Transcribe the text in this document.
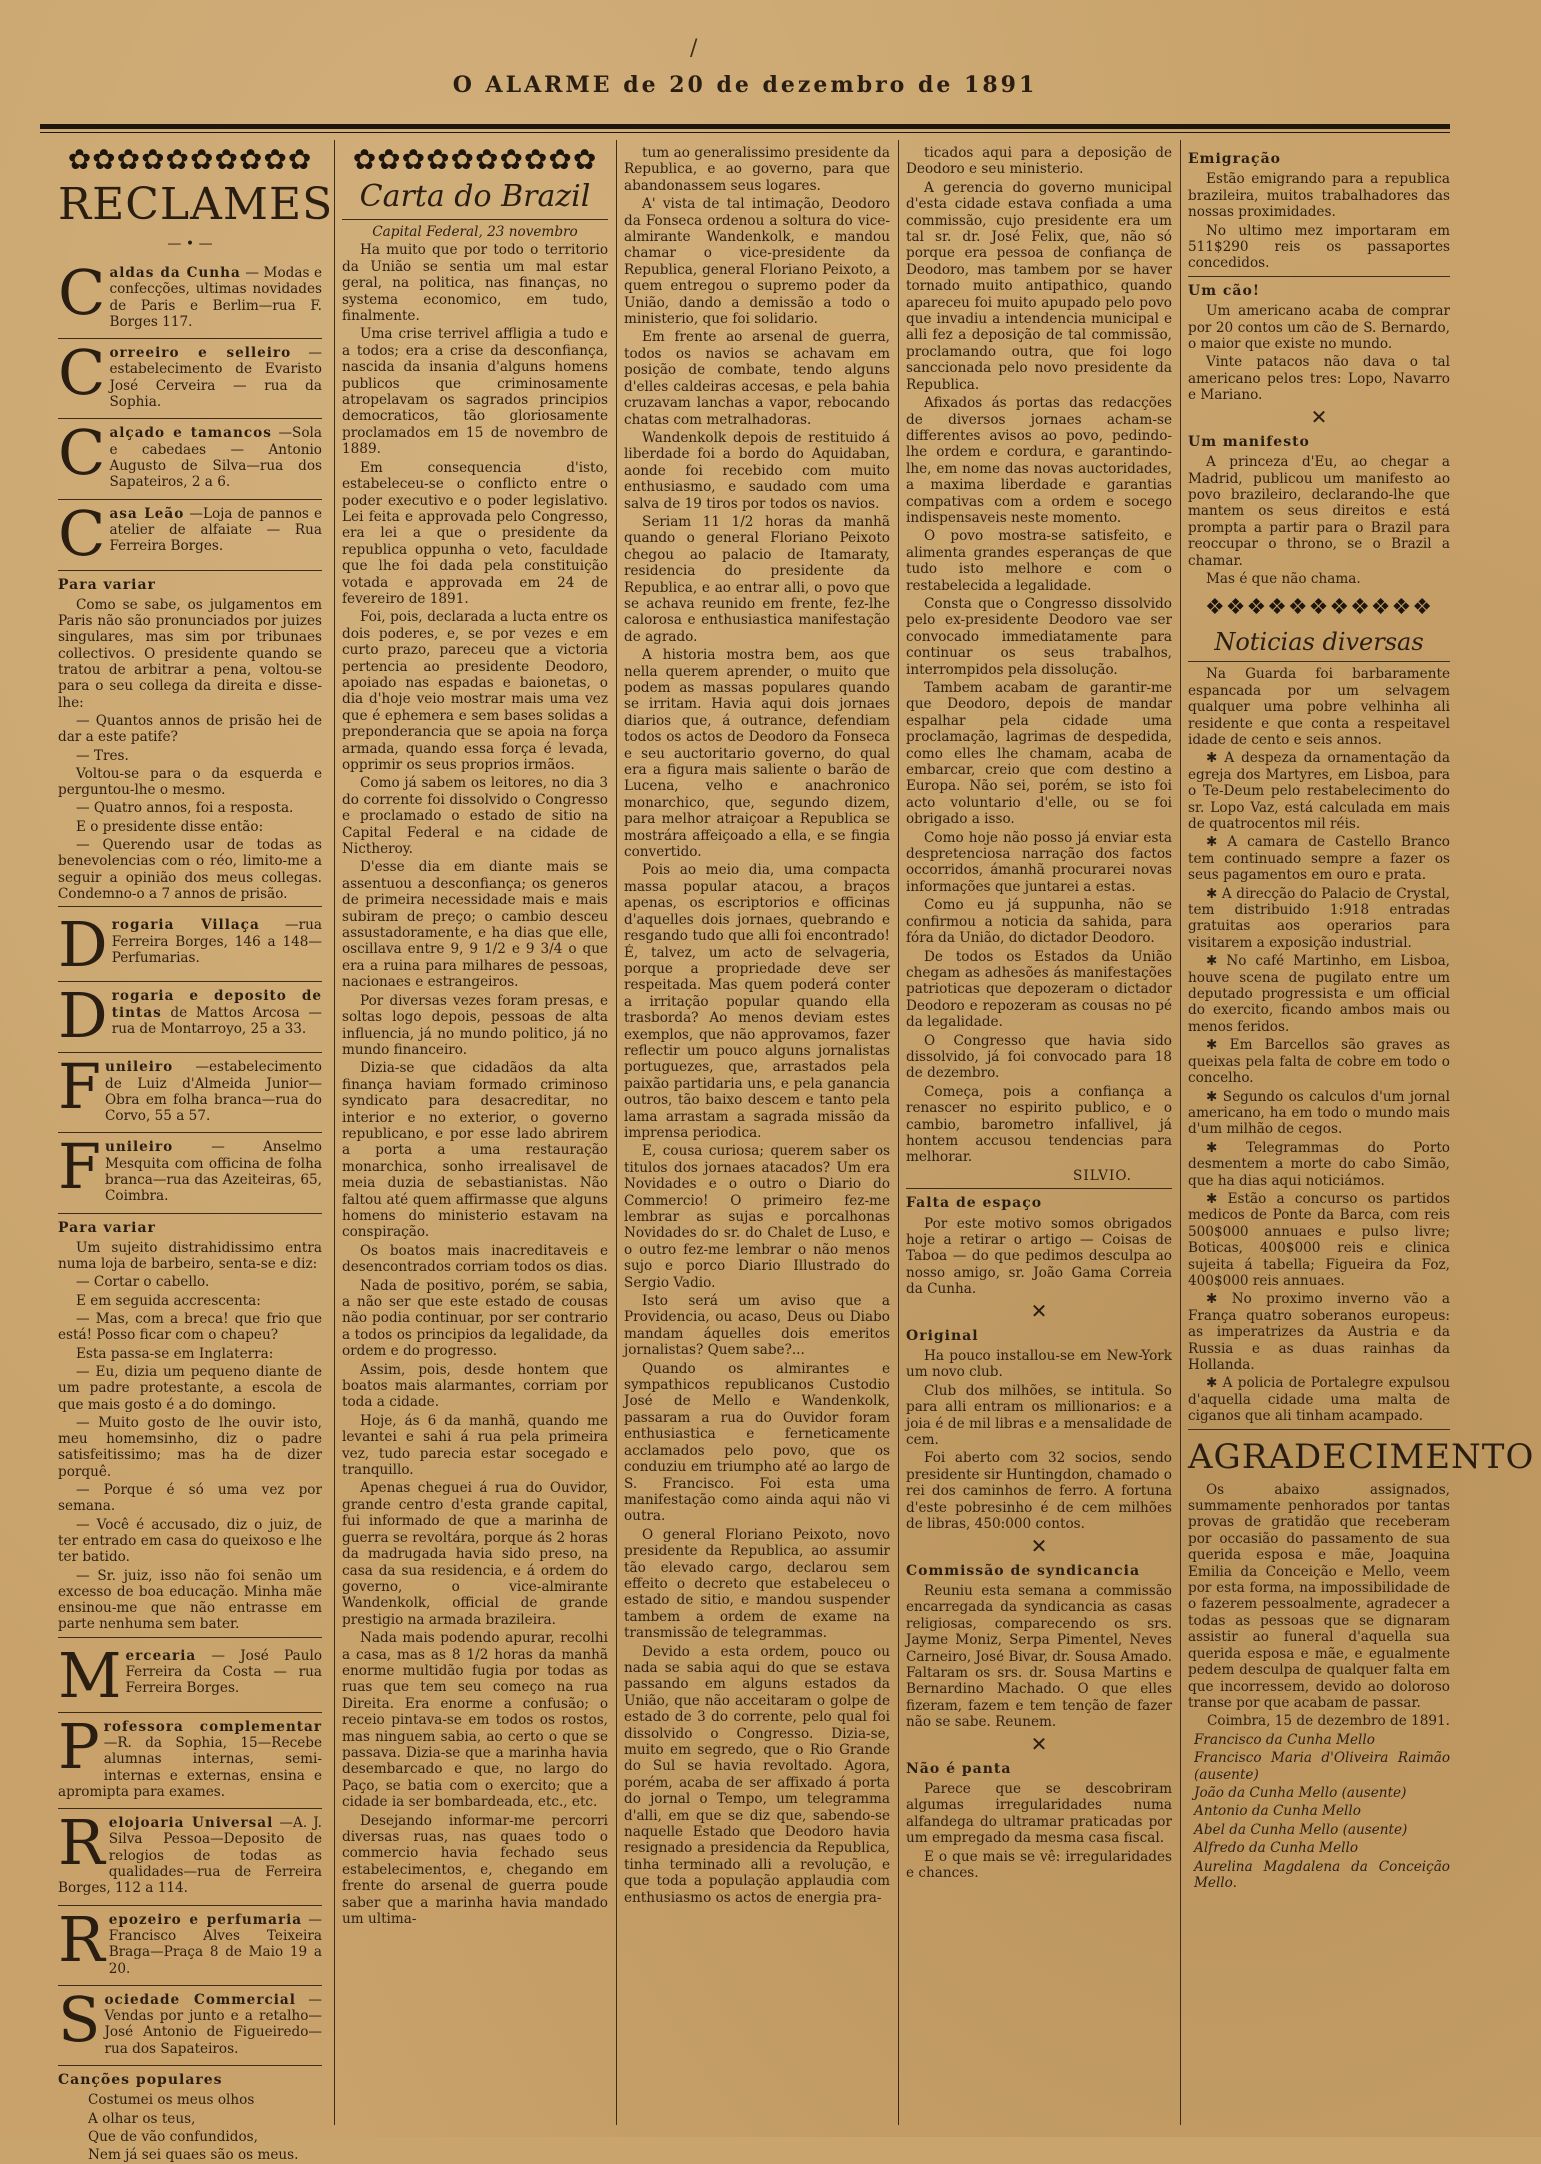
/
O ALARME de 20 de dezembro de 1891
✿✿✿✿✿✿✿✿✿✿
RECLAMES
— • —
Caldas da Cunha — Modas e confecções, ultimas novidades de Paris e Berlim—rua F. Borges 117.
Correeiro e selleiro — estabelecimento de Evaristo José Cerveira — rua da Sophia.
Calçado e tamancos —Sola e cabedaes — Antonio Augusto de Silva—rua dos Sapateiros, 2 a 6.
Casa Leão —Loja de pannos e atelier de alfaiate — Rua Ferreira Borges.
Para variar

Como se sabe, os julgamentos em Paris não são pronunciados por juizes singulares, mas sim por tribunaes collectivos. O presidente quando se tratou de arbitrar a pena, voltou-se para o seu collega da direita e disse-lhe:

— Quantos annos de prisão hei de dar a este patife?

— Tres.

Voltou-se para o da esquerda e perguntou-lhe o mesmo.

— Quatro annos, foi a resposta.

E o presidente disse então:

— Querendo usar de todas as benevolencias com o réo, limito-me a seguir a opinião dos meus collegas. Condemno-o a 7 annos de prisão.

Drogaria Villaça —rua Ferreira Borges, 146 a 148—Perfumarias.
Drogaria e deposito de tintas de Mattos Arcosa —rua de Montarroyo, 25 a 33.
Funileiro —estabelecimento de Luiz d'Almeida Junior—Obra em folha branca—rua do Corvo, 55 a 57.
Funileiro — Anselmo Mesquita com officina de folha branca—rua das Azeiteiras, 65, Coimbra.
Para variar

Um sujeito distrahidissimo entra numa loja de barbeiro, senta-se e diz:

— Cortar o cabello.

E em seguida accrescenta:

— Mas, com a breca! que frio que está! Posso ficar com o chapeu?

Esta passa-se em Inglaterra:

— Eu, dizia um pequeno diante de um padre protestante, a escola de que mais gosto é a do domingo.

— Muito gosto de lhe ouvir isto, meu homemsinho, diz o padre satisfeitissimo; mas ha de dizer porquê.

— Porque é só uma vez por semana.

— Você é accusado, diz o juiz, de ter entrado em casa do queixoso e lhe ter batido.

— Sr. juiz, isso não foi senão um excesso de boa educação. Minha mãe ensinou-me que não entrasse em parte nenhuma sem bater.

Mercearia — José Paulo Ferreira da Costa — rua Ferreira Borges.
Professora complementar —R. da Sophia, 15—Recebe alumnas internas, semi-internas e externas, ensina e apromipta para exames.
Relojoaria Universal —A. J. Silva Pessoa—Deposito de relogios de todas as qualidades—rua de Ferreira Borges, 112 a 114.
Repozeiro e perfumaria —Francisco Alves Teixeira Braga—Praça 8 de Maio 19 a 20.
Sociedade Commercial —Vendas por junto e a retalho—José Antonio de Figueiredo—rua dos Sapateiros.
Canções populares

Costumei os meus olhos

A olhar os teus,

Que de vão confundidos,

Nem já sei quaes são os meus.

✿✿✿✿✿✿✿✿✿✿
Carta do Brazil

Capital Federal, 23 novembro

Ha muito que por todo o territorio da União se sentia um mal estar geral, na politica, nas finanças, no systema economico, em tudo, finalmente.

Uma crise terrivel affligia a tudo e a todos; era a crise da desconfiança, nascida da insania d'alguns homens publicos que criminosamente atropelavam os sagrados principios democraticos, tão gloriosamente proclamados em 15 de novembro de 1889.

Em consequencia d'isto, estabeleceu-se o conflicto entre o poder executivo e o poder legislativo. Lei feita e approvada pelo Congresso, era lei a que o presidente da republica oppunha o veto, faculdade que lhe foi dada pela constituição votada e approvada em 24 de fevereiro de 1891.

Foi, pois, declarada a lucta entre os dois poderes, e, se por vezes e em curto prazo, pareceu que a victoria pertencia ao presidente Deodoro, apoiado nas espadas e baionetas, o dia d'hoje veio mostrar mais uma vez que é ephemera e sem bases solidas a preponderancia que se apoia na força armada, quando essa força é levada, opprimir os seus proprios irmãos.

Como já sabem os leitores, no dia 3 do corrente foi dissolvido o Congresso e proclamado o estado de sitio na Capital Federal e na cidade de Nictheroy.

D'esse dia em diante mais se assentuou a desconfiança; os generos de primeira necessidade mais e mais subiram de preço; o cambio desceu assustadoramente, e ha dias que elle, oscillava entre 9, 9 1/2 e 9 3/4 o que era a ruina para milhares de pessoas, nacionaes e estrangeiros.

Por diversas vezes foram presas, e soltas logo depois, pessoas de alta influencia, já no mundo politico, já no mundo financeiro.

Dizia-se que cidadãos da alta finança haviam formado criminoso syndicato para desacreditar, no interior e no exterior, o governo republicano, e por esse lado abrirem a porta a uma restauração monarchica, sonho irrealisavel de meia duzia de sebastianistas. Não faltou até quem affirmasse que alguns homens do ministerio estavam na conspiração.

Os boatos mais inacreditaveis e desencontrados corriam todos os dias.

Nada de positivo, porém, se sabia, a não ser que este estado de cousas não podia continuar, por ser contrario a todos os principios da legalidade, da ordem e do progresso.

Assim, pois, desde hontem que boatos mais alarmantes, corriam por toda a cidade.

Hoje, ás 6 da manhã, quando me levantei e sahi á rua pela primeira vez, tudo parecia estar socegado e tranquillo.

Apenas cheguei á rua do Ouvidor, grande centro d'esta grande capital, fui informado de que a marinha de guerra se revoltára, porque ás 2 horas da madrugada havia sido preso, na casa da sua residencia, e á ordem do governo, o vice-almirante Wandenkolk, official de grande prestigio na armada brazileira.

Nada mais podendo apurar, recolhi a casa, mas as 8 1/2 horas da manhã enorme multidão fugia por todas as ruas que tem seu começo na rua Direita. Era enorme a confusão; o receio pintava-se em todos os rostos, mas ninguem sabia, ao certo o que se passava. Dizia-se que a marinha havia desembarcado e que, no largo do Paço, se batia com o exercito; que a cidade ia ser bombardeada, etc., etc.

Desejando informar-me percorri diversas ruas, nas quaes todo o commercio havia fechado seus estabelecimentos, e, chegando em frente do arsenal de guerra poude saber que a marinha havia mandado um ultima-

tum ao generalissimo presidente da Republica, e ao governo, para que abandonassem seus logares.

A' vista de tal intimação, Deodoro da Fonseca ordenou a soltura do vice-almirante Wandenkolk, e mandou chamar o vice-presidente da Republica, general Floriano Peixoto, a quem entregou o supremo poder da União, dando a demissão a todo o ministerio, que foi solidario.

Em frente ao arsenal de guerra, todos os navios se achavam em posição de combate, tendo alguns d'elles caldeiras accesas, e pela bahia cruzavam lanchas a vapor, rebocando chatas com metralhadoras.

Wandenkolk depois de restituido á liberdade foi a bordo do Aquidaban, aonde foi recebido com muito enthusiasmo, e saudado com uma salva de 19 tiros por todos os navios.

Seriam 11 1/2 horas da manhã quando o general Floriano Peixoto chegou ao palacio de Itamaraty, residencia do presidente da Republica, e ao entrar alli, o povo que se achava reunido em frente, fez-lhe calorosa e enthusiastica manifestação de agrado.

A historia mostra bem, aos que nella querem aprender, o muito que podem as massas populares quando se irritam. Havia aqui dois jornaes diarios que, á outrance, defendiam todos os actos de Deodoro da Fonseca e seu auctoritario governo, do qual era a figura mais saliente o barão de Lucena, velho e anachronico monarchico, que, segundo dizem, para melhor atraiçoar a Republica se mostrára affeiçoado a ella, e se fingia convertido.

Pois ao meio dia, uma compacta massa popular atacou, a braços apenas, os escriptorios e officinas d'aquelles dois jornaes, quebrando e resgando tudo que alli foi encontrado! É, talvez, um acto de selvageria, porque a propriedade deve ser respeitada. Mas quem poderá conter a irritação popular quando ella trasborda? Ao menos deviam estes exemplos, que não approvamos, fazer reflectir um pouco alguns jornalistas portuguezes, que, arrastados pela paixão partidaria uns, e pela ganancia outros, tão baixo descem e tanto pela lama arrastam a sagrada missão da imprensa periodica.

E, cousa curiosa; querem saber os titulos dos jornaes atacados? Um era Novidades e o outro o Diario do Commercio! O primeiro fez-me lembrar as sujas e porcalhonas Novidades do sr. do Chalet de Luso, e o outro fez-me lembrar o não menos sujo e porco Diario Illustrado do Sergio Vadio.

Isto será um aviso que a Providencia, ou acaso, Deus ou Diabo mandam áquelles dois emeritos jornalistas? Quem sabe?...

Quando os almirantes e sympathicos republicanos Custodio José de Mello e Wandenkolk, passaram a rua do Ouvidor foram enthusiastica e ferneticamente acclamados pelo povo, que os conduziu em triumpho até ao largo de S. Francisco. Foi esta uma manifestação como ainda aqui não vi outra.

O general Floriano Peixoto, novo presidente da Republica, ao assumir tão elevado cargo, declarou sem effeito o decreto que estabeleceu o estado de sitio, e mandou suspender tambem a ordem de exame na transmissão de telegrammas.

Devido a esta ordem, pouco ou nada se sabia aqui do que se estava passando em alguns estados da União, que não acceitaram o golpe de estado de 3 do corrente, pelo qual foi dissolvido o Congresso. Dizia-se, muito em segredo, que o Rio Grande do Sul se havia revoltado. Agora, porém, acaba de ser affixado á porta do jornal o Tempo, um telegramma d'alli, em que se diz que, sabendo-se naquelle Estado que Deodoro havia resignado a presidencia da Republica, tinha terminado alli a revolução, e que toda a população applaudia com enthusiasmo os actos de energia pra-

ticados aqui para a deposição de Deodoro e seu ministerio.

A gerencia do governo municipal d'esta cidade estava confiada a uma commissão, cujo presidente era um tal sr. dr. José Felix, que, não só porque era pessoa de confiança de Deodoro, mas tambem por se haver tornado muito antipathico, quando apareceu foi muito apupado pelo povo que invadiu a intendencia municipal e alli fez a deposição de tal commissão, proclamando outra, que foi logo sanccionada pelo novo presidente da Republica.

Afixados ás portas das redacções de diversos jornaes acham-se differentes avisos ao povo, pedindo-lhe ordem e cordura, e garantindo-lhe, em nome das novas auctoridades, a maxima liberdade e garantias compativas com a ordem e socego indispensaveis neste momento.

O povo mostra-se satisfeito, e alimenta grandes esperanças de que tudo isto melhore e com o restabelecida a legalidade.

Consta que o Congresso dissolvido pelo ex-presidente Deodoro vae ser convocado immediatamente para continuar os seus trabalhos, interrompidos pela dissolução.

Tambem acabam de garantir-me que Deodoro, depois de mandar espalhar pela cidade uma proclamação, lagrimas de despedida, como elles lhe chamam, acaba de embarcar, creio que com destino a Europa. Não sei, porém, se isto foi acto voluntario d'elle, ou se foi obrigado a isso.

Como hoje não posso já enviar esta despretenciosa narração dos factos occorridos, ámanhã procurarei novas informações que juntarei a estas.

Como eu já suppunha, não se confirmou a noticia da sahida, para fóra da União, do dictador Deodoro.

De todos os Estados da União chegam as adhesões ás manifestações patrioticas que depozeram o dictador Deodoro e repozeram as cousas no pé da legalidade.

O Congresso que havia sido dissolvido, já foi convocado para 18 de dezembro.

Começa, pois a confiança a renascer no espirito publico, e o cambio, barometro infallivel, já hontem accusou tendencias para melhorar.

SILVIO.

Falta de espaço

Por este motivo somos obrigados hoje a retirar o artigo — Coisas de Taboa — do que pedimos desculpa ao nosso amigo, sr. João Gama Correia da Cunha.

✕
Original

Ha pouco installou-se em New-York um novo club.

Club dos milhões, se intitula. So para alli entram os millionarios: e a joia é de mil libras e a mensalidade de cem.

Foi aberto com 32 socios, sendo presidente sir Huntingdon, chamado o rei dos caminhos de ferro. A fortuna d'este pobresinho é de cem milhões de libras, 450:000 contos.

✕
Commissão de syndicancia

Reuniu esta semana a commissão encarregada da syndicancia as casas religiosas, comparecendo os srs. Jayme Moniz, Serpa Pimentel, Neves Carneiro, José Bivar, dr. Sousa Amado. Faltaram os srs. dr. Sousa Martins e Bernardino Machado. O que elles fizeram, fazem e tem tenção de fazer não se sabe. Reunem.

✕
Não é panta

Parece que se descobriram algumas irregularidades numa alfandega do ultramar praticadas por um empregado da mesma casa fiscal.

E o que mais se vê: irregularidades e chances.

Emigração

Estão emigrando para a republica brazileira, muitos trabalhadores das nossas proximidades.

No ultimo mez importaram em 511$290 reis os passaportes concedidos.

Um cão!

Um americano acaba de comprar por 20 contos um cão de S. Bernardo, o maior que existe no mundo.

Vinte patacos não dava o tal americano pelos tres: Lopo, Navarro e Mariano.

✕
Um manifesto

A princeza d'Eu, ao chegar a Madrid, publicou um manifesto ao povo brazileiro, declarando-lhe que mantem os seus direitos e está prompta a partir para o Brazil para reoccupar o throno, se o Brazil a chamar.

Mas é que não chama.

❖❖❖❖❖❖❖❖❖❖❖
Noticias diversas

Na Guarda foi barbaramente espancada por um selvagem qualquer uma pobre velhinha ali residente e que conta a respeitavel idade de cento e seis annos.

✱ A despeza da ornamentação da egreja dos Martyres, em Lisboa, para o Te-Deum pelo restabelecimento do sr. Lopo Vaz, está calculada em mais de quatrocentos mil réis.

✱ A camara de Castello Branco tem continuado sempre a fazer os seus pagamentos em ouro e prata.

✱ A direcção do Palacio de Crystal, tem distribuido 1:918 entradas gratuitas aos operarios para visitarem a exposição industrial.

✱ No café Martinho, em Lisboa, houve scena de pugilato entre um deputado progressista e um official do exercito, ficando ambos mais ou menos feridos.

✱ Em Barcellos são graves as queixas pela falta de cobre em todo o concelho.

✱ Segundo os calculos d'um jornal americano, ha em todo o mundo mais d'um milhão de cegos.

✱ Telegrammas do Porto desmentem a morte do cabo Simão, que ha dias aqui noticiámos.

✱ Estão a concurso os partidos medicos de Ponte da Barca, com reis 500$000 annuaes e pulso livre; Boticas, 400$000 reis e clinica sujeita á tabella; Figueira da Foz, 400$000 reis annuaes.

✱ No proximo inverno vão a França quatro soberanos europeus: as imperatrizes da Austria e da Russia e as duas rainhas da Hollanda.

✱ A policia de Portalegre expulsou d'aquella cidade uma malta de ciganos que ali tinham acampado.

AGRADECIMENTO

Os abaixo assignados, summamente penhorados por tantas provas de gratidão que receberam por occasião do passamento de sua querida esposa e mãe, Joaquina Emilia da Conceição e Mello, veem por esta forma, na impossibilidade de o fazerem pessoalmente, agradecer a todas as pessoas que se dignaram assistir ao funeral d'aquella sua querida esposa e mãe, e egualmente pedem desculpa de qualquer falta em que incorressem, devido ao doloroso transe por que acabam de passar.

Coimbra, 15 de dezembro de 1891.

Francisco da Cunha Mello

Francisco Maria d'Oliveira Raimão (ausente)

João da Cunha Mello (ausente)

Antonio da Cunha Mello

Abel da Cunha Mello (ausente)

Alfredo da Cunha Mello

Aurelina Magdalena da Conceição Mello.
